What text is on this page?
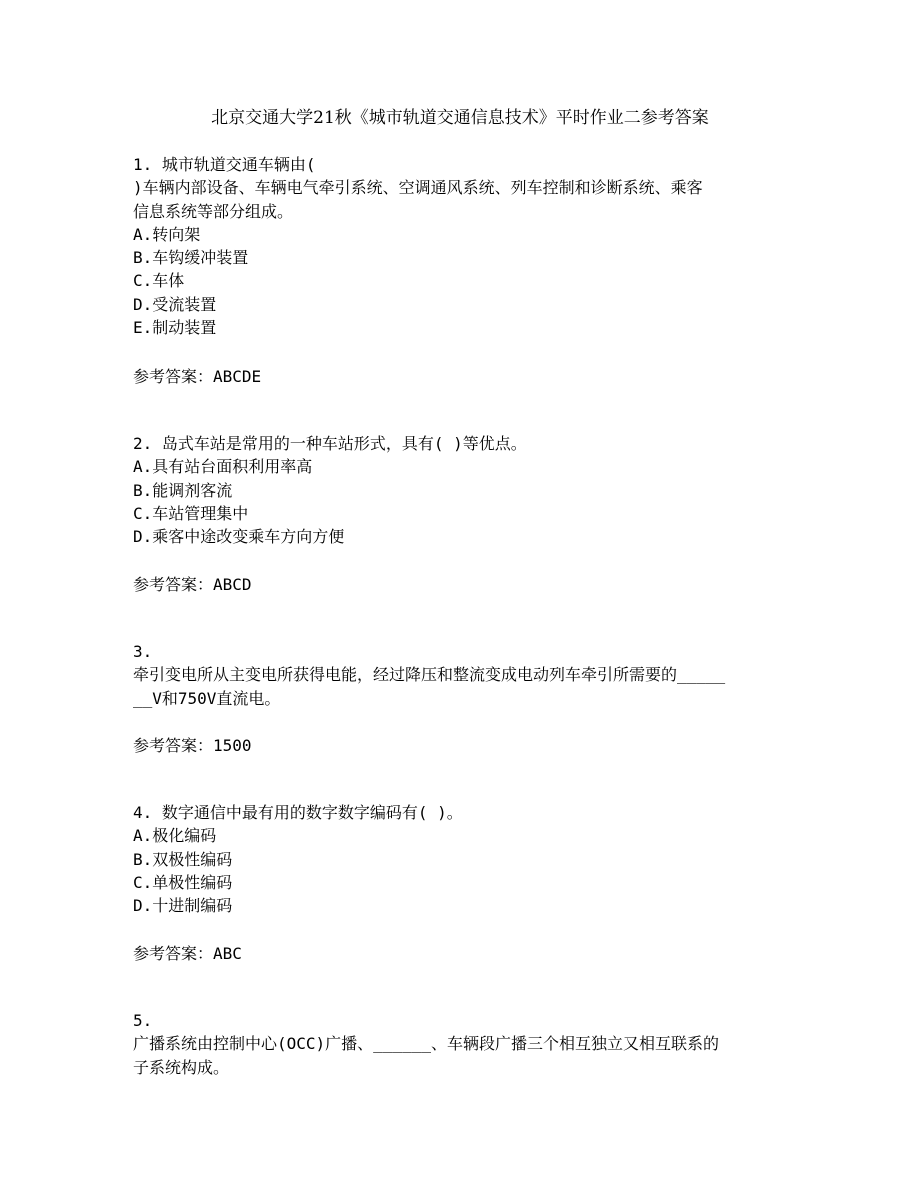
北京交通大学21秋《城市轨道交通信息技术》平时作业二参考答案
1. 城市轨道交通车辆由(
)车辆内部设备、车辆电气牵引系统、空调通风系统、列车控制和诊断系统、乘客
信息系统等部分组成。
A.转向架
B.车钩缓冲装置
C.车体
D.受流装置
E.制动装置
参考答案：ABCDE
2. 岛式车站是常用的一种车站形式，具有( )等优点。
A.具有站台面积利用率高
B.能调剂客流
C.车站管理集中
D.乘客中途改变乘车方向方便
参考答案：ABCD
3.
牵引变电所从主变电所获得电能，经过降压和整流变成电动列车牵引所需要的_____
__V和750V直流电。
参考答案：1500
4. 数字通信中最有用的数字数字编码有( )。
A.极化编码
B.双极性编码
C.单极性编码
D.十进制编码
参考答案：ABC
5.
广播系统由控制中心(OCC)广播、______、车辆段广播三个相互独立又相互联系的
子系统构成。
